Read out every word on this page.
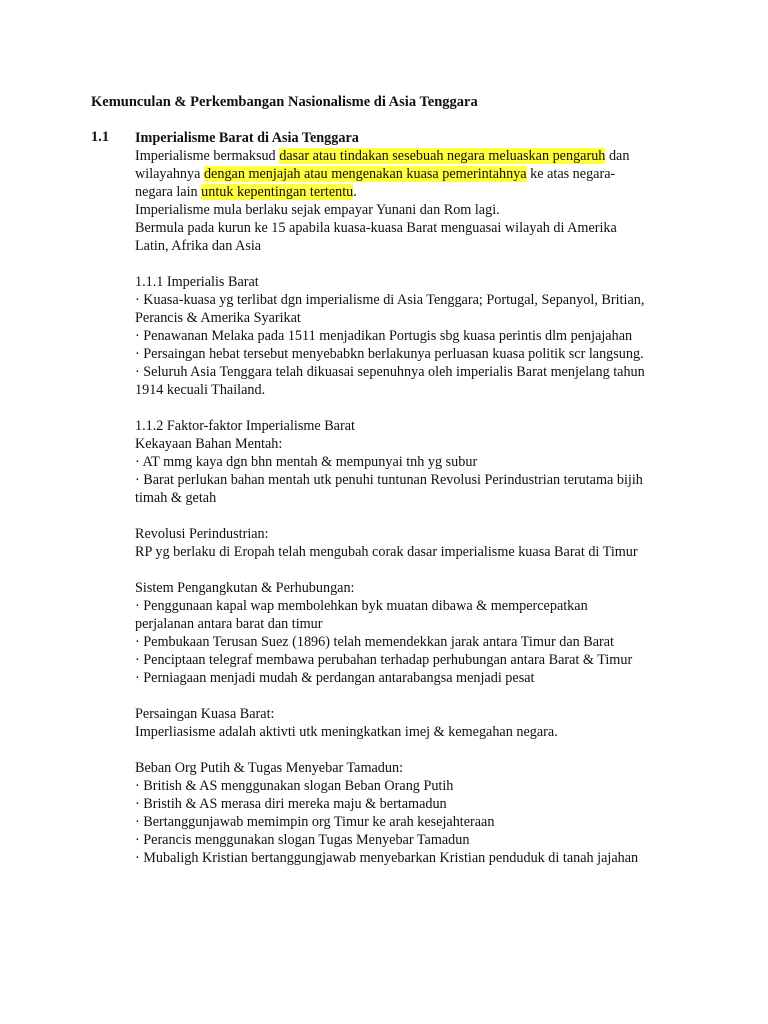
Kemunculan & Perkembangan Nasionalisme di Asia Tenggara
1.1 Imperialisme Barat di Asia Tenggara
Imperialisme bermaksud dasar atau tindakan sesebuah negara meluaskan pengaruh dan
wilayahnya dengan menjajah atau mengenakan kuasa pemerintahnya ke atas negara-
negara lain untuk kepentingan tertentu.
Imperialisme mula berlaku sejak empayar Yunani dan Rom lagi.
Bermula pada kurun ke 15 apabila kuasa-kuasa Barat menguasai wilayah di Amerika
Latin, Afrika dan Asia
1.1.1 Imperialis Barat
· Kuasa-kuasa yg terlibat dgn imperialisme di Asia Tenggara; Portugal, Sepanyol, Britian,
Perancis & Amerika Syarikat
· Penawanan Melaka pada 1511 menjadikan Portugis sbg kuasa perintis dlm penjajahan
· Persaingan hebat tersebut menyebabkn berlakunya perluasan kuasa politik scr langsung.
· Seluruh Asia Tenggara telah dikuasai sepenuhnya oleh imperialis Barat menjelang tahun
1914 kecuali Thailand.
1.1.2 Faktor-faktor Imperialisme Barat
Kekayaan Bahan Mentah:
· AT mmg kaya dgn bhn mentah & mempunyai tnh yg subur
· Barat perlukan bahan mentah utk penuhi tuntunan Revolusi Perindustrian terutama bijih
timah & getah
Revolusi Perindustrian:
RP yg berlaku di Eropah telah mengubah corak dasar imperialisme kuasa Barat di Timur
Sistem Pengangkutan & Perhubungan:
· Penggunaan kapal wap membolehkan byk muatan dibawa & mempercepatkan
perjalanan antara barat dan timur
· Pembukaan Terusan Suez (1896) telah memendekkan jarak antara Timur dan Barat
· Penciptaan telegraf membawa perubahan terhadap perhubungan antara Barat & Timur
· Perniagaan menjadi mudah & perdangan antarabangsa menjadi pesat
Persaingan Kuasa Barat:
Imperliasisme adalah aktivti utk meningkatkan imej & kemegahan negara.
Beban Org Putih & Tugas Menyebar Tamadun:
· British & AS menggunakan slogan Beban Orang Putih
· Bristih & AS merasa diri mereka maju & bertamadun
· Bertanggunjawab memimpin org Timur ke arah kesejahteraan
· Perancis menggunakan slogan Tugas Menyebar Tamadun
· Mubaligh Kristian bertanggungjawab menyebarkan Kristian penduduk di tanah jajahan
